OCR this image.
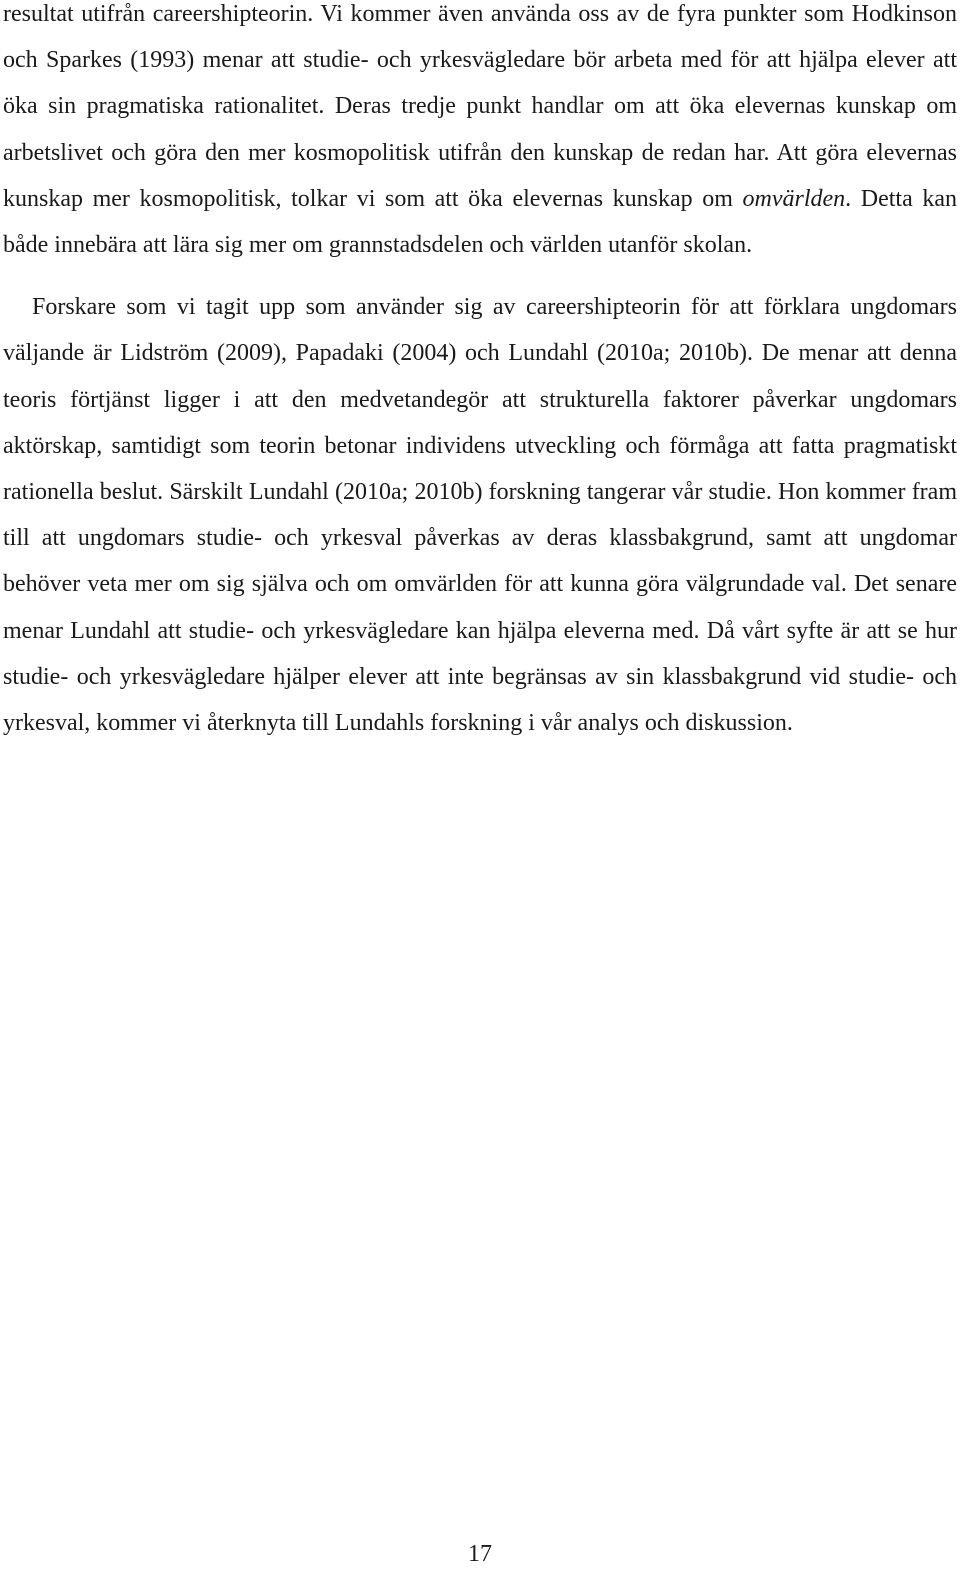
resultat utifrån careershipteorin. Vi kommer även använda oss av de fyra punkter som Hodkinson och Sparkes (1993) menar att studie- och yrkesvägledare bör arbeta med för att hjälpa elever att öka sin pragmatiska rationalitet. Deras tredje punkt handlar om att öka elevernas kunskap om arbetslivet och göra den mer kosmopolitisk utifrån den kunskap de redan har. Att göra elevernas kunskap mer kosmopolitisk, tolkar vi som att öka elevernas kunskap om omvärlden. Detta kan både innebära att lära sig mer om grannstadsdelen och världen utanför skolan.

Forskare som vi tagit upp som använder sig av careershipteorin för att förklara ungdomars väljande är Lidström (2009), Papadaki (2004) och Lundahl (2010a; 2010b). De menar att denna teoris förtjänst ligger i att den medvetandegör att strukturella faktorer påverkar ungdomars aktörskap, samtidigt som teorin betonar individens utveckling och förmåga att fatta pragmatiskt rationella beslut. Särskilt Lundahl (2010a; 2010b) forskning tangerar vår studie. Hon kommer fram till att ungdomars studie- och yrkesval påverkas av deras klassbakgrund, samt att ungdomar behöver veta mer om sig själva och om omvärlden för att kunna göra välgrundade val. Det senare menar Lundahl att studie- och yrkesvägledare kan hjälpa eleverna med. Då vårt syfte är att se hur studie- och yrkesvägledare hjälper elever att inte begränsas av sin klassbakgrund vid studie- och yrkesval, kommer vi återknyta till Lundahls forskning i vår analys och diskussion.

17
